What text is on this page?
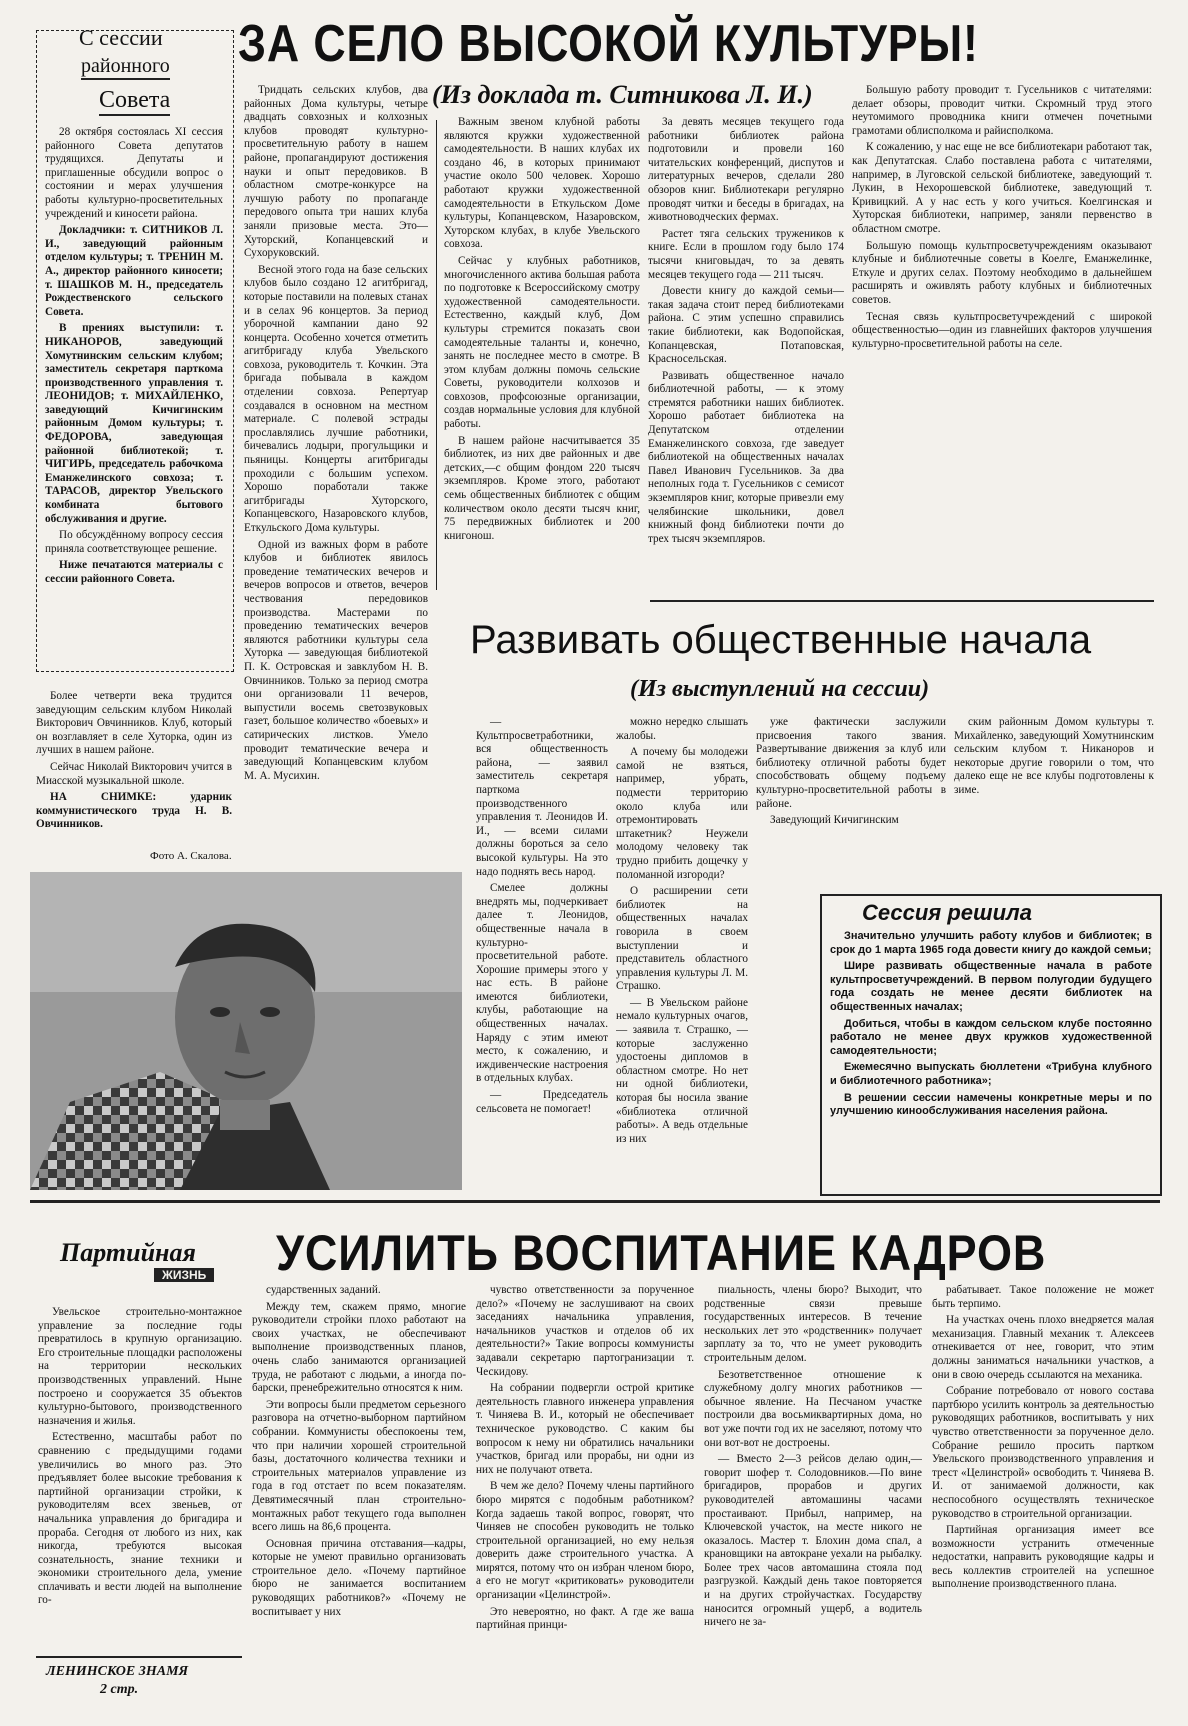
С сессии
районного
Совета

28 октября состоялась XI сессия районного Совета депутатов трудящихся. Депутаты и приглашенные обсудили вопрос о состоянии и мерах улучшения работы культурно-просветительных учреждений и киносети района.

Докладчики: т. СИТНИКОВ Л. И., заведующий районным отделом культуры; т. ТРЕНИН М. А., директор районного киносети; т. ШАШКОВ М. Н., председатель Рождественского сельского Совета.

В прениях выступили: т. НИКАНОРОВ, заведующий Хомутнинским сельским клубом; заместитель секретаря парткома производственного управления т. ЛЕОНИДОВ; т. МИХАЙЛЕНКО, заведующий Кичигинским районным Домом культуры; т. ФЕДОРОВА, заведующая районной библиотекой; т. ЧИГИРЬ, председатель рабочкома Еманжелинского совхоза; т. ТАРАСОВ, директор Увельского комбината бытового обслуживания и другие.

По обсуждённому вопросу сессия приняла соответствующее решение.

Ниже печатаются материалы с сессии районного Совета.

Более четверти века трудится заведующим сельским клубом Николай Викторович Овчинников. Клуб, который он возглавляет в селе Хуторка, один из лучших в нашем районе.

Сейчас Николай Викторович учится в Миасской музыкальной школе.

НА СНИМКЕ: ударник коммунистического труда Н. В. Овчинников.

Фото А. Скалова.
ЗА СЕЛО ВЫСОКОЙ КУЛЬТУРЫ!
(Из доклада т. Ситникова Л. И.)

Тридцать сельских клубов, два районных Дома культуры, четыре двадцать совхозных и колхозных клубов проводят культурно-просветительную работу в нашем районе, пропагандируют достижения науки и опыт передовиков. В областном смотре-конкурсе на лучшую работу по пропаганде передового опыта три наших клуба заняли призовые места. Это—Хуторский, Копанцевский и Сухоруковский.

Весной этого года на базе сельских клубов было создано 12 агитбригад, которые поставили на полевых станах и в селах 96 концертов. За период уборочной кампании дано 92 концерта. Особенно хочется отметить агитбригаду клуба Увельского совхоза, руководитель т. Кочкин. Эта бригада побывала в каждом отделении совхоза. Репертуар создавался в основном на местном материале. С полевой эстрады прославлялись лучшие работники, бичевались лодыри, прогульщики и пьяницы. Концерты агитбригады проходили с большим успехом. Хорошо поработали также агитбригады Хуторского, Копанцевского, Назаровского клубов, Еткульского Дома культуры.

Одной из важных форм в работе клубов и библиотек явилось проведение тематических вечеров и вечеров вопросов и ответов, вечеров чествования передовиков производства. Мастерами по проведению тематических вечеров являются работники культуры села Хуторка — заведующая библиотекой П. К. Островская и завклубом Н. В. Овчинников. Только за период смотра они организовали 11 вечеров, выпустили восемь светозвуковых газет, большое количество «боевых» и сатирических листков. Умело проводит тематические вечера и заведующий Копанцевским клубом М. А. Мусихин.

Важным звеном клубной работы являются кружки художественной самодеятельности. В наших клубах их создано 46, в которых принимают участие около 500 человек. Хорошо работают кружки художественной самодеятельности в Еткульском Доме культуры, Копанцевском, Назаровском, Хуторском клубах, в клубе Увельского совхоза.

Сейчас у клубных работников, многочисленного актива большая работа по подготовке к Всероссийскому смотру художественной самодеятельности. Естественно, каждый клуб, Дом культуры стремится показать свои самодеятельные таланты и, конечно, занять не последнее место в смотре. В этом клубам должны помочь сельские Советы, руководители колхозов и совхозов, профсоюзные организации, создав нормальные условия для клубной работы.

В нашем районе насчитывается 35 библиотек, из них две районных и две детских,—с общим фондом 220 тысяч экземпляров. Кроме этого, работают семь общественных библиотек с общим количеством около десяти тысяч книг, 75 передвижных библиотек и 200 книгонош.

За девять месяцев текущего года работники библиотек района подготовили и провели 160 читательских конференций, диспутов и литературных вечеров, сделали 280 обзоров книг. Библиотекари регулярно проводят читки и беседы в бригадах, на животноводческих фермах.

Растет тяга сельских тружеников к книге. Если в прошлом году было 174 тысячи книговыдач, то за девять месяцев текущего года — 211 тысяч.

Довести книгу до каждой семьи—такая задача стоит перед библиотеками района. С этим успешно справились такие библиотеки, как Водопойская, Копанцевская, Потаповская, Красносельская.

Развивать общественное начало библиотечной работы, — к этому стремятся работники наших библиотек. Хорошо работает библиотека на Депутатском отделении Еманжелинского совхоза, где заведует библиотекой на общественных началах Павел Иванович Гусельников. За два неполных года т. Гусельников с семисот экземпляров книг, которые привезли ему челябинские школьники, довел книжный фонд библиотеки почти до трех тысяч экземпляров.

Большую работу проводит т. Гусельников с читателями: делает обзоры, проводит читки. Скромный труд этого неутомимого проводника книги отмечен почетными грамотами облисполкома и райисполкома.

К сожалению, у нас еще не все библиотекари работают так, как Депутатская. Слабо поставлена работа с читателями, например, в Луговской сельской библиотеке, заведующий т. Лукин, в Нехорошевской библиотеке, заведующий т. Кривицкий. А у нас есть у кого учиться. Коелгинская и Хуторская библиотеки, например, заняли первенство в областном смотре.

Большую помощь культпросветучреждениям оказывают клубные и библиотечные советы в Коелге, Еманжелинке, Еткуле и других селах. Поэтому необходимо в дальнейшем расширять и оживлять работу клубных и библиотечных советов.

Тесная связь культпросветучреждений с широкой общественностью—один из главнейших факторов улучшения культурно-просветительной работы на селе.

Развивать общественные начала
(Из выступлений на сессии)

— Культпросветработники, вся общественность района, — заявил заместитель секретаря парткома производственного управления т. Леонидов И. И., — всеми силами должны бороться за село высокой культуры. На это надо поднять весь народ.

Смелее должны внедрять мы, подчеркивает далее т. Леонидов, общественные начала в культурно-просветительной работе. Хорошие примеры этого у нас есть. В районе имеются библиотеки, клубы, работающие на общественных началах. Наряду с этим имеют место, к сожалению, и иждивенческие настроения в отдельных клубах.

— Председатель сельсовета не помогает!

можно нередко слышать жалобы.

А почему бы молодежи самой не взяться, например, убрать, подмести территорию около клуба или отремонтировать штакетник? Неужели молодому человеку так трудно прибить дощечку у поломанной изгороди?

О расширении сети библиотек на общественных началах говорила в своем выступлении и представитель областного управления культуры Л. М. Страшко.

— В Увельском районе немало культурных очагов, — заявила т. Страшко, — которые заслуженно удостоены дипломов в областном смотре. Но нет ни одной библиотеки, которая бы носила звание «библиотека отличной работы». А ведь отдельные из них

уже фактически заслужили присвоения такого звания. Развертывание движения за клуб или библиотеку отличной работы будет способствовать общему подъему культурно-просветительной работы в районе.

Заведующий Кичигинским

ским районным Домом культуры т. Михайленко, заведующий Хомутнинским сельским клубом т. Никаноров и некоторые другие говорили о том, что далеко еще не все клубы подготовлены к зиме.

Сессия решила

Значительно улучшить работу клубов и библиотек; в срок до 1 марта 1965 года довести книгу до каждой семьи;

Шире развивать общественные начала в работе культпросветучреждений. В первом полугодии будущего года создать не менее десяти библиотек на общественных началах;

Добиться, чтобы в каждом сельском клубе постоянно работало не менее двух кружков художественной самодеятельности;

Ежемесячно выпускать бюллетени «Трибуна клубного и библиотечного работника»;

В решении сессии намечены конкретные меры и по улучшению кинообслуживания населения района.

Партийная
ЖИЗНЬ УСИЛИТЬ ВОСПИТАНИЕ КАДРОВ

Увельское строительно-монтажное управление за последние годы превратилось в крупную организацию. Его строительные площадки расположены на территории нескольких производственных управлений. Ныне построено и сооружается 35 объектов культурно-бытового, производственного назначения и жилья.

Естественно, масштабы работ по сравнению с предыдущими годами увеличились во много раз. Это предъявляет более высокие требования к партийной организации стройки, к руководителям всех звеньев, от начальника управления до бригадира и прораба. Сегодня от любого из них, как никогда, требуются высокая сознательность, знание техники и экономики строительного дела, умение сплачивать и вести людей на выполнение го-

сударственных заданий.

Между тем, скажем прямо, многие руководители стройки плохо работают на своих участках, не обеспечивают выполнение производственных планов, очень слабо занимаются организацией труда, не работают с людьми, а иногда по-барски, пренебрежительно относятся к ним.

Эти вопросы были предметом серьезного разговора на отчетно-выборном партийном собрании. Коммунисты обеспокоены тем, что при наличии хорошей строительной базы, достаточного количества техники и строительных материалов управление из года в год отстает по всем показателям. Девятимесячный план строительно-монтажных работ текущего года выполнен всего лишь на 86,6 процента.

Основная причина отставания—кадры, которые не умеют правильно организовать строительное дело. «Почему партийное бюро не занимается воспитанием руководящих работников?» «Почему не воспитывает у них

чувство ответственности за порученное дело?» «Почему не заслушивают на своих заседаниях начальника управления, начальников участков и отделов об их деятельности?» Такие вопросы коммунисты задавали секретарю партогранизации т. Ческидову.

На собрании подвергли острой критике деятельность главного инженера управления т. Чиняева В. И., который не обеспечивает техническое руководство. С каким бы вопросом к нему ни обратились начальники участков, бригад или прорабы, ни одни из них не получают ответа.

В чем же дело? Почему члены партийного бюро мирятся с подобным работником? Когда задаешь такой вопрос, говорят, что Чиняев не способен руководить не только строительной организацией, но ему нельзя доверить даже строительного участка. А мирятся, потому что он избран членом бюро, а его не могут «критиковать» руководители организации «Целинстрой».

Это невероятно, но факт. А где же ваша партийная принци-

пиальность, члены бюро? Выходит, что родственные связи превыше государственных интересов. В течение нескольких лет это «родственник» получает зарплату за то, что не умеет руководить строительным делом.

Безответственное отношение к служебному долгу многих работников — обычное явление. На Песчаном участке построили два восьмиквартирных дома, но вот уже почти год их не заселяют, потому что они вот-вот не достроены.

— Вместо 2—3 рейсов делаю один,—говорит шофер т. Солодовников.—По вине бригадиров, прорабов и других руководителей автомашины часами простаивают. Прибыл, например, на Ключевской участок, на месте никого не оказалось. Мастер т. Блохин дома спал, а крановщики на автокране уехали на рыбалку. Более трех часов автомашина стояла под разгрузкой. Каждый день такое повторяется и на других стройучастках. Государству наносится огромный ущерб, а водитель ничего не за-

рабатывает. Такое положение не может быть терпимо.

На участках очень плохо внедряется малая механизация. Главный механик т. Алексеев отнекивается от нее, говорит, что этим должны заниматься начальники участков, а они в свою очередь ссылаются на механика.

Собрание потребовало от нового состава партбюро усилить контроль за деятельностью руководящих работников, воспитывать у них чувство ответственности за порученное дело. Собрание решило просить партком Увельского производственного управления и трест «Целинстрой» освободить т. Чиняева В. И. от занимаемой должности, как неспособного осуществлять техническое руководство в строительной организации.

Партийная организация имеет все возможности устранить отмеченные недостатки, направить руководящие кадры и весь коллектив строителей на успешное выполнение производственного плана.

ЛЕНИНСКОЕ ЗНАМЯ
2 стр.
